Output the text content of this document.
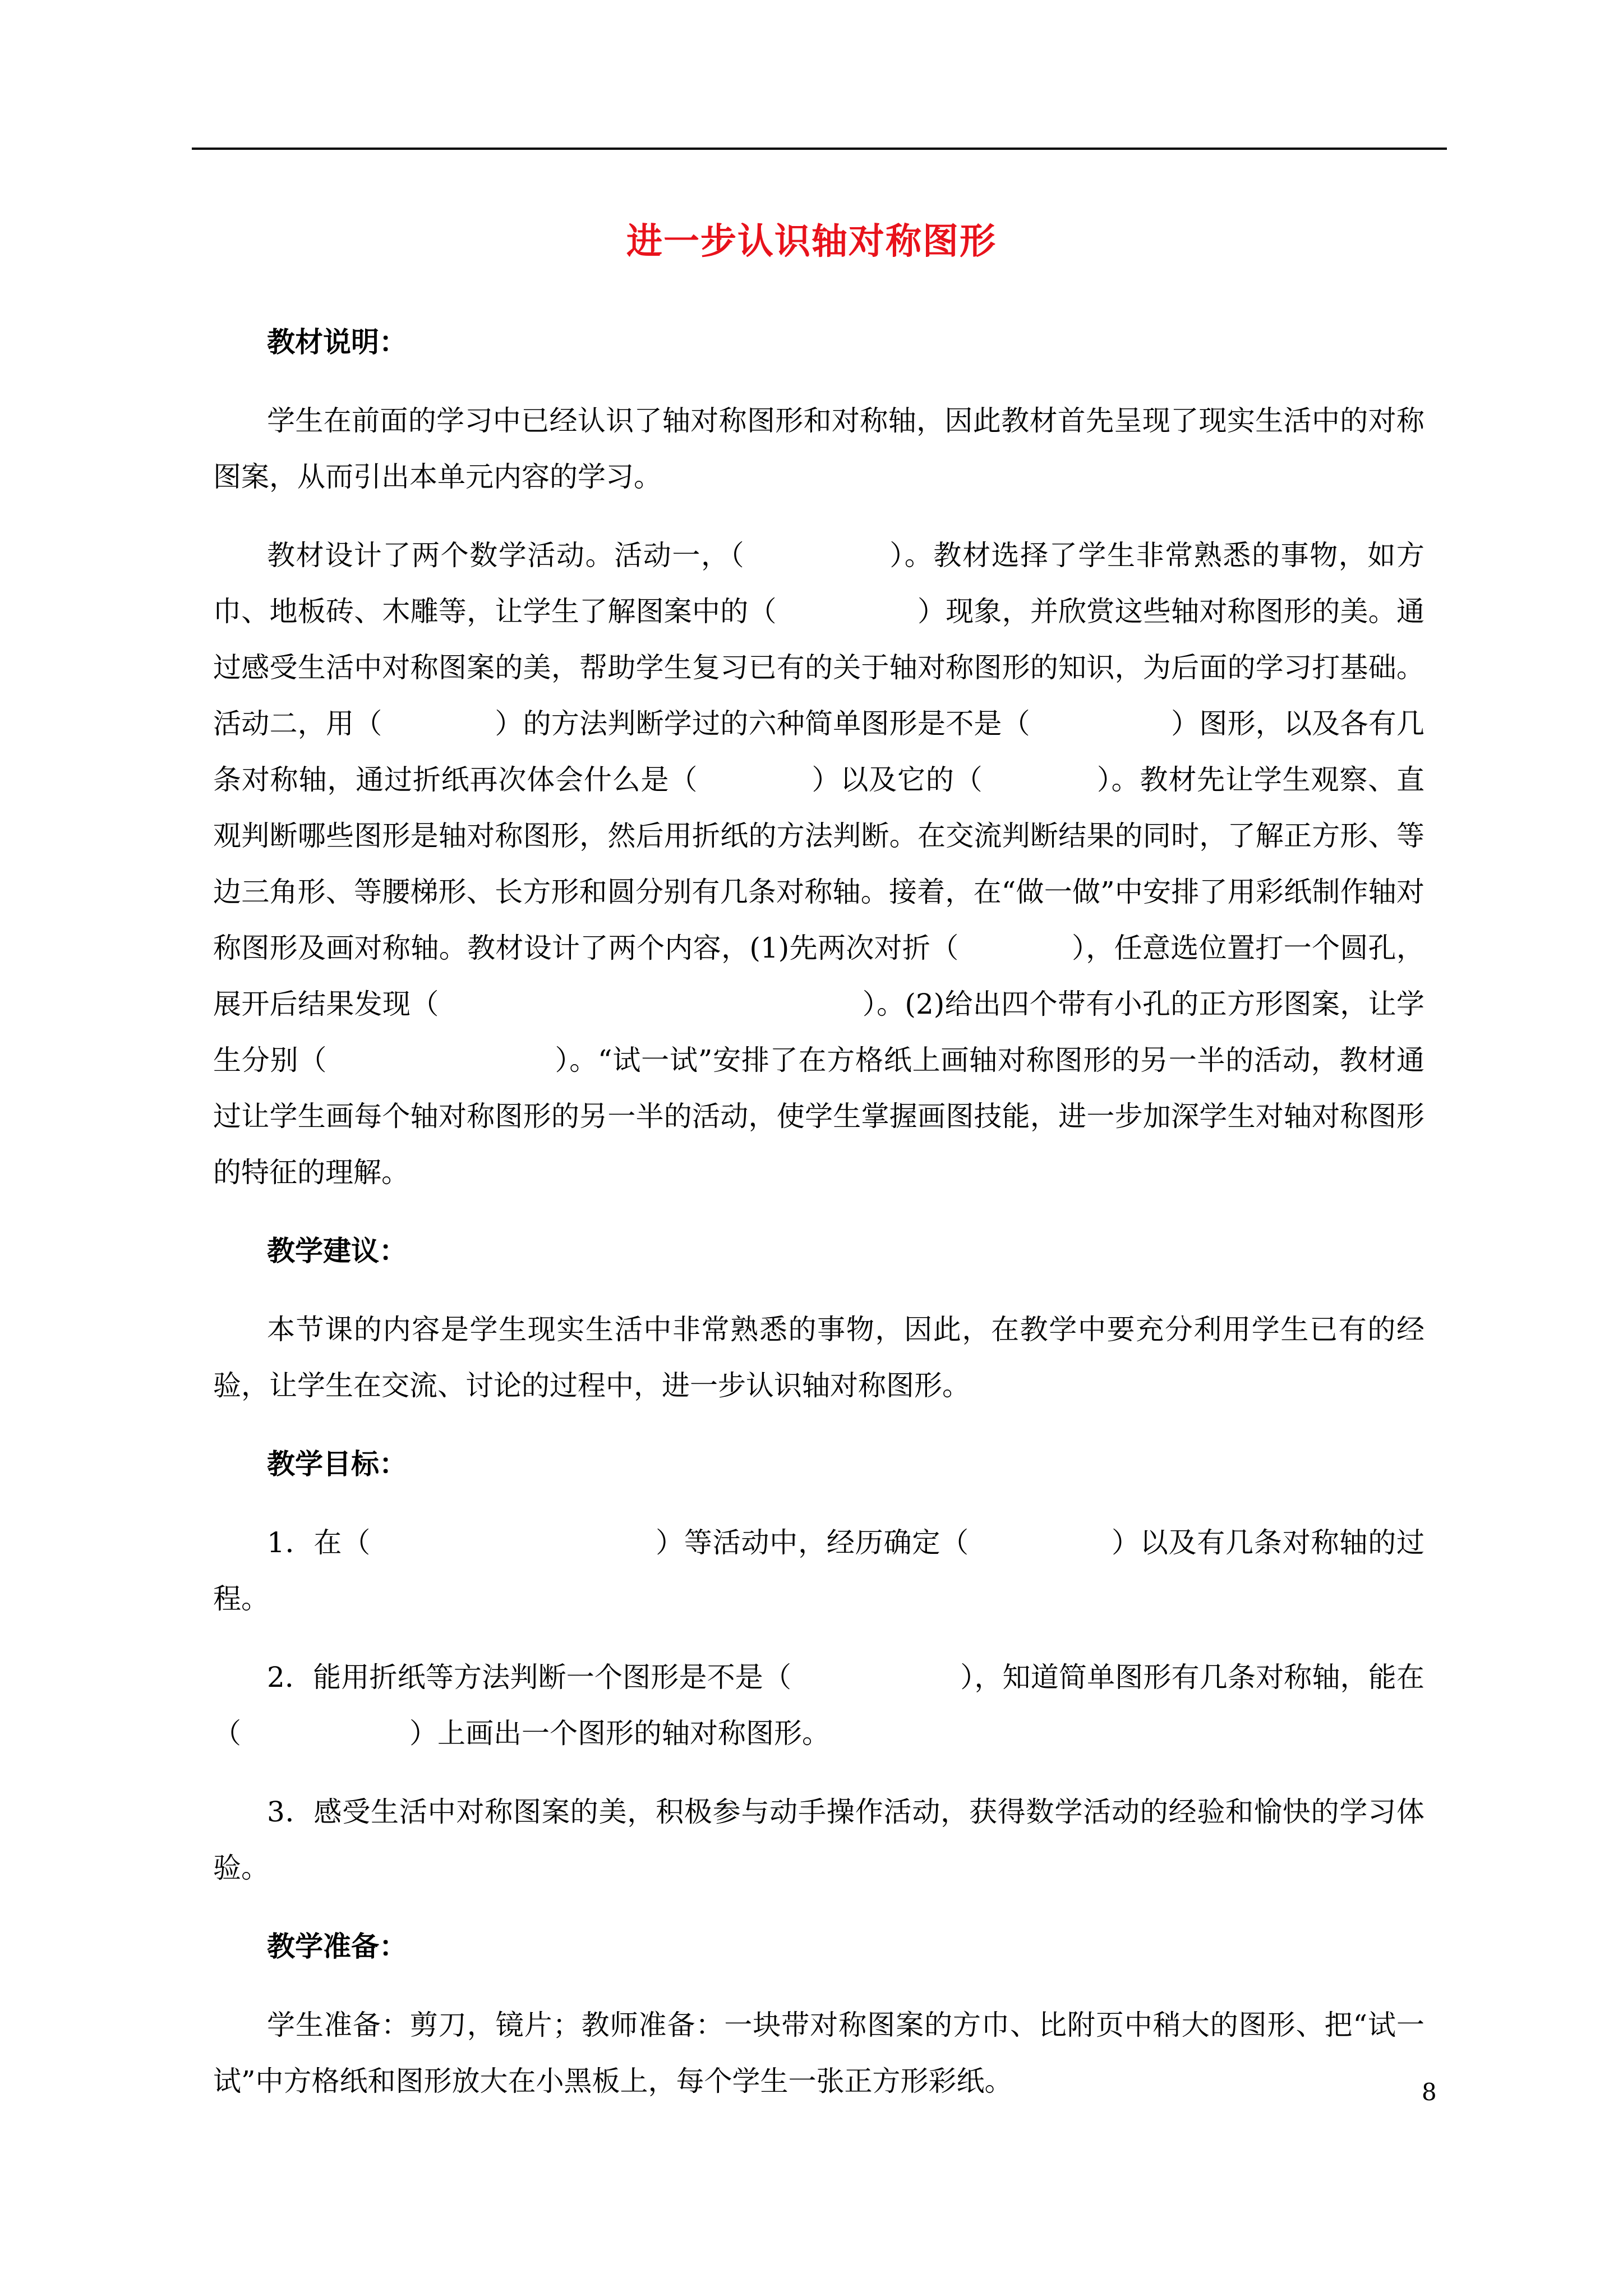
进一步认识轴对称图形
教材说明：

学生在前面的学习中已经认识了轴对称图形和对称轴，因此教材首先呈现了现实生活中的对称图案，从而引出本单元内容的学习。

教材设计了两个数学活动。活动一，（　　　　　）。教材选择了学生非常熟悉的事物，如方巾、地板砖、木雕等，让学生了解图案中的（　　　　　）现象，并欣赏这些轴对称图形的美。通过感受生活中对称图案的美，帮助学生复习已有的关于轴对称图形的知识，为后面的学习打基础。活动二，用（　　　　）的方法判断学过的六种简单图形是不是（　　　　　）图形，以及各有几条对称轴，通过折纸再次体会什么是（　　　　）以及它的（　　　　）。教材先让学生观察、直观判断哪些图形是轴对称图形，然后用折纸的方法判断。在交流判断结果的同时，了解正方形、等边三角形、等腰梯形、长方形和圆分别有几条对称轴。接着，在“做一做”中安排了用彩纸制作轴对称图形及画对称轴。教材设计了两个内容，(1)先两次对折（　　　　），任意选位置打一个圆孔，展开后结果发现（　　　　　　　　　　　　　　　）。(2)给出四个带有小孔的正方形图案，让学生分别（　　　　　　　　）。“试一试”安排了在方格纸上画轴对称图形的另一半的活动，教材通过让学生画每个轴对称图形的另一半的活动，使学生掌握画图技能，进一步加深学生对轴对称图形的特征的理解。

教学建议：

本节课的内容是学生现实生活中非常熟悉的事物，因此，在教学中要充分利用学生已有的经验，让学生在交流、讨论的过程中，进一步认识轴对称图形。

教学目标：

1．在（　　　　　　　　　　）等活动中，经历确定（　　　　　）以及有几条对称轴的过程。

2．能用折纸等方法判断一个图形是不是（　　　　　　），知道简单图形有几条对称轴，能在（　　　　　　）上画出一个图形的轴对称图形。

3．感受生活中对称图案的美，积极参与动手操作活动，获得数学活动的经验和愉快的学习体验。

教学准备：

学生准备：剪刀，镜片；教师准备：一块带对称图案的方巾、比附页中稍大的图形、把“试一试”中方格纸和图形放大在小黑板上，每个学生一张正方形彩纸。	8
